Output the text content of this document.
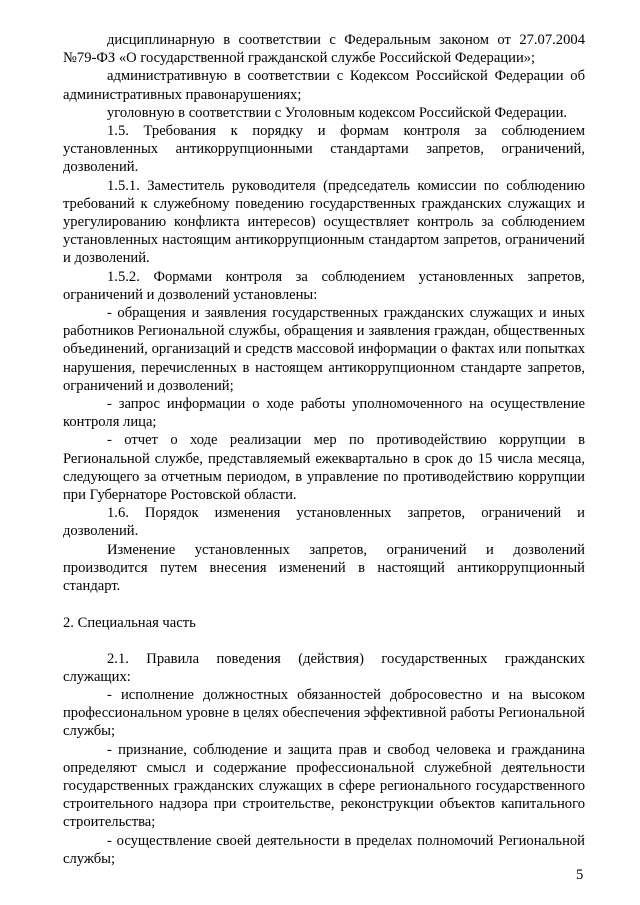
дисциплинарную в соответствии с Федеральным законом от 27.07.2004 №79-ФЗ «О государственной гражданской службе Российской Федерации»;

административную в соответствии с Кодексом Российской Федерации об административных правонарушениях;

уголовную в соответствии с Уголовным кодексом Российской Федерации.

1.5. Требования к порядку и формам контроля за соблюдением установленных антикоррупционными стандартами запретов, ограничений, дозволений.

1.5.1. Заместитель руководителя (председатель комиссии по соблюдению требований к служебному поведению государственных гражданских служащих и урегулированию конфликта интересов) осуществляет контроль за соблюдением установленных настоящим антикоррупционным стандартом запретов, ограничений и дозволений.

1.5.2. Формами контроля за соблюдением установленных запретов, ограничений и дозволений установлены:

- обращения и заявления государственных гражданских служащих и иных работников Региональной службы, обращения и заявления граждан, общественных объединений, организаций и средств массовой информации о фактах или попытках нарушения, перечисленных в настоящем антикоррупционном стандарте запретов, ограничений и дозволений;

- запрос информации о ходе работы уполномоченного на осуществление контроля лица;

- отчет о ходе реализации мер по противодействию коррупции в Региональной службе, представляемый ежеквартально в срок до 15 числа месяца, следующего за отчетным периодом, в управление по противодействию коррупции при Губернаторе Ростовской области.

1.6. Порядок изменения установленных запретов, ограничений и дозволений.

Изменение установленных запретов, ограничений и дозволений производится путем внесения изменений в настоящий антикоррупционный стандарт.

2. Специальная часть

2.1. Правила поведения (действия) государственных гражданских служащих:

- исполнение должностных обязанностей добросовестно и на высоком профессиональном уровне в целях обеспечения эффективной работы Региональной службы;

- признание, соблюдение и защита прав и свобод человека и гражданина определяют смысл и содержание профессиональной служебной деятельности государственных гражданских служащих в сфере регионального государственного строительного надзора при строительстве, реконструкции объектов капитального строительства;

- осуществление своей деятельности в пределах полномочий Региональной службы;

5
